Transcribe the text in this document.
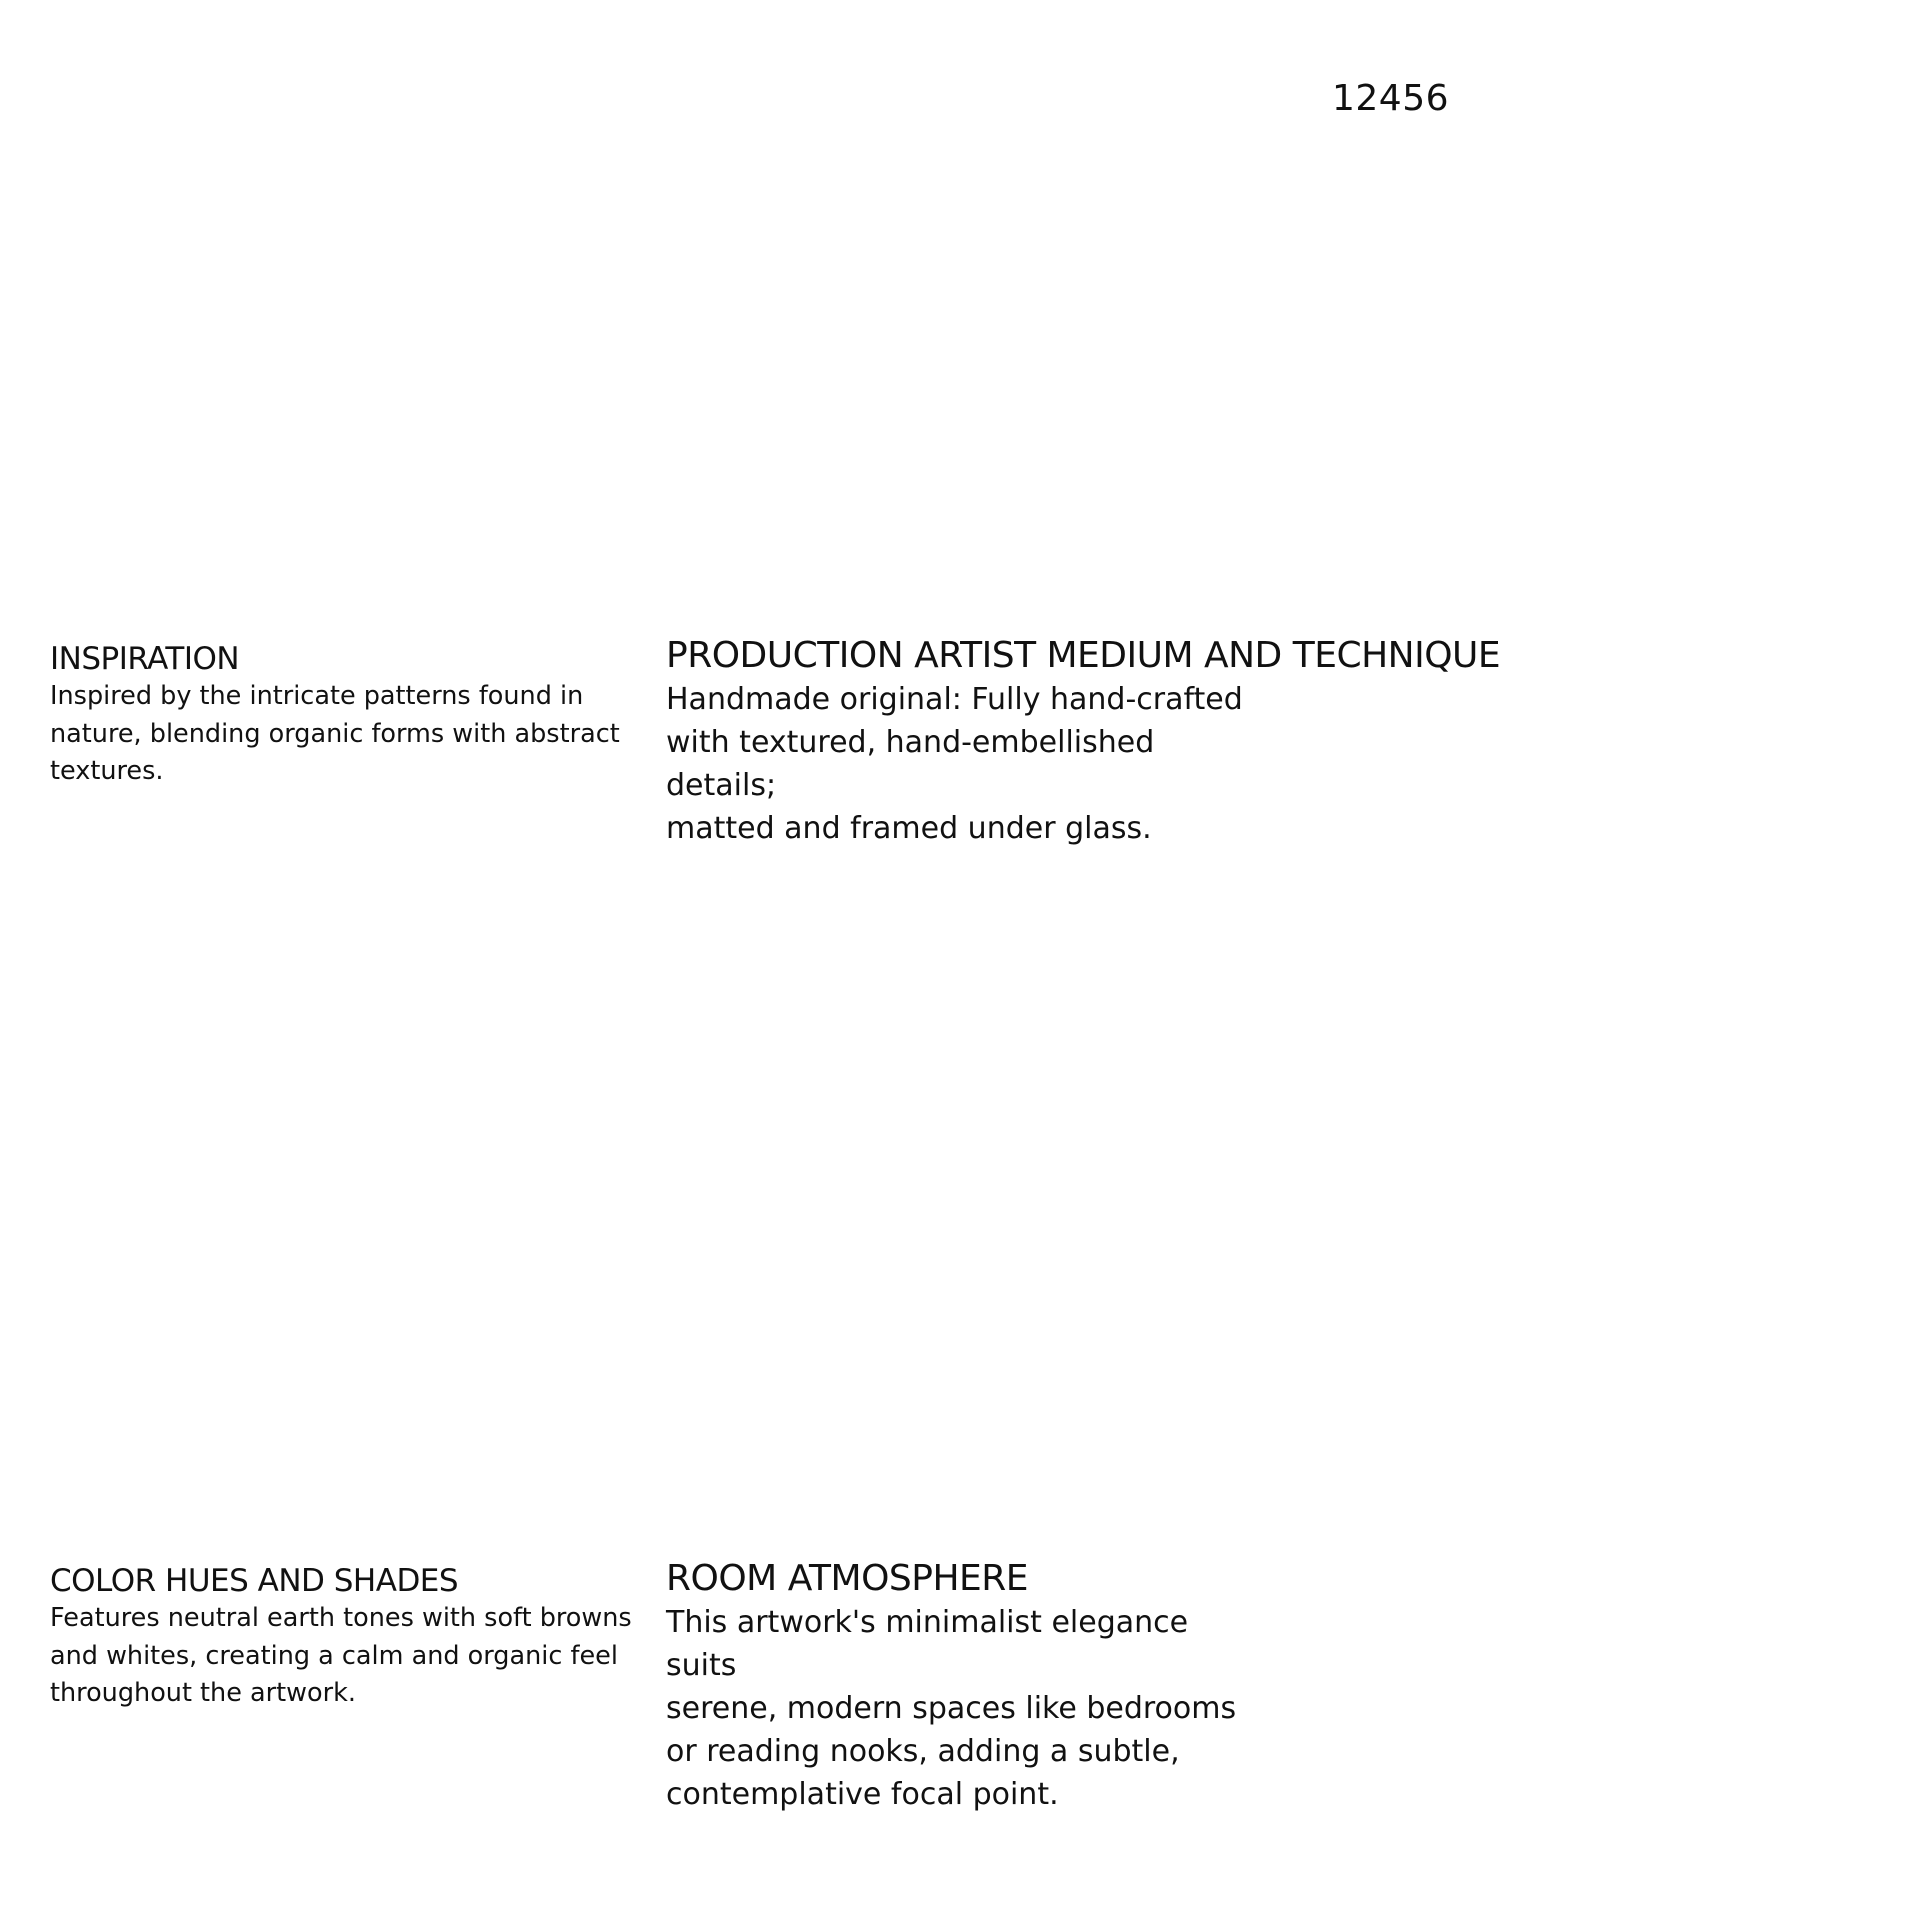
12456
INSPIRATION

Inspired by the intricate patterns found in nature, blending organic forms with abstract textures.

PRODUCTION ARTIST MEDIUM AND TECHNIQUE
Handmade original: Fully hand-crafted
with textured, hand-embellished details;
matted and framed under glass.
COLOR HUES AND SHADES

Features neutral earth tones with soft browns and whites, creating a calm and organic feel throughout the artwork.

ROOM ATMOSPHERE
This artwork's minimalist elegance suits
serene, modern spaces like bedrooms
or reading nooks, adding a subtle,
contemplative focal point.
